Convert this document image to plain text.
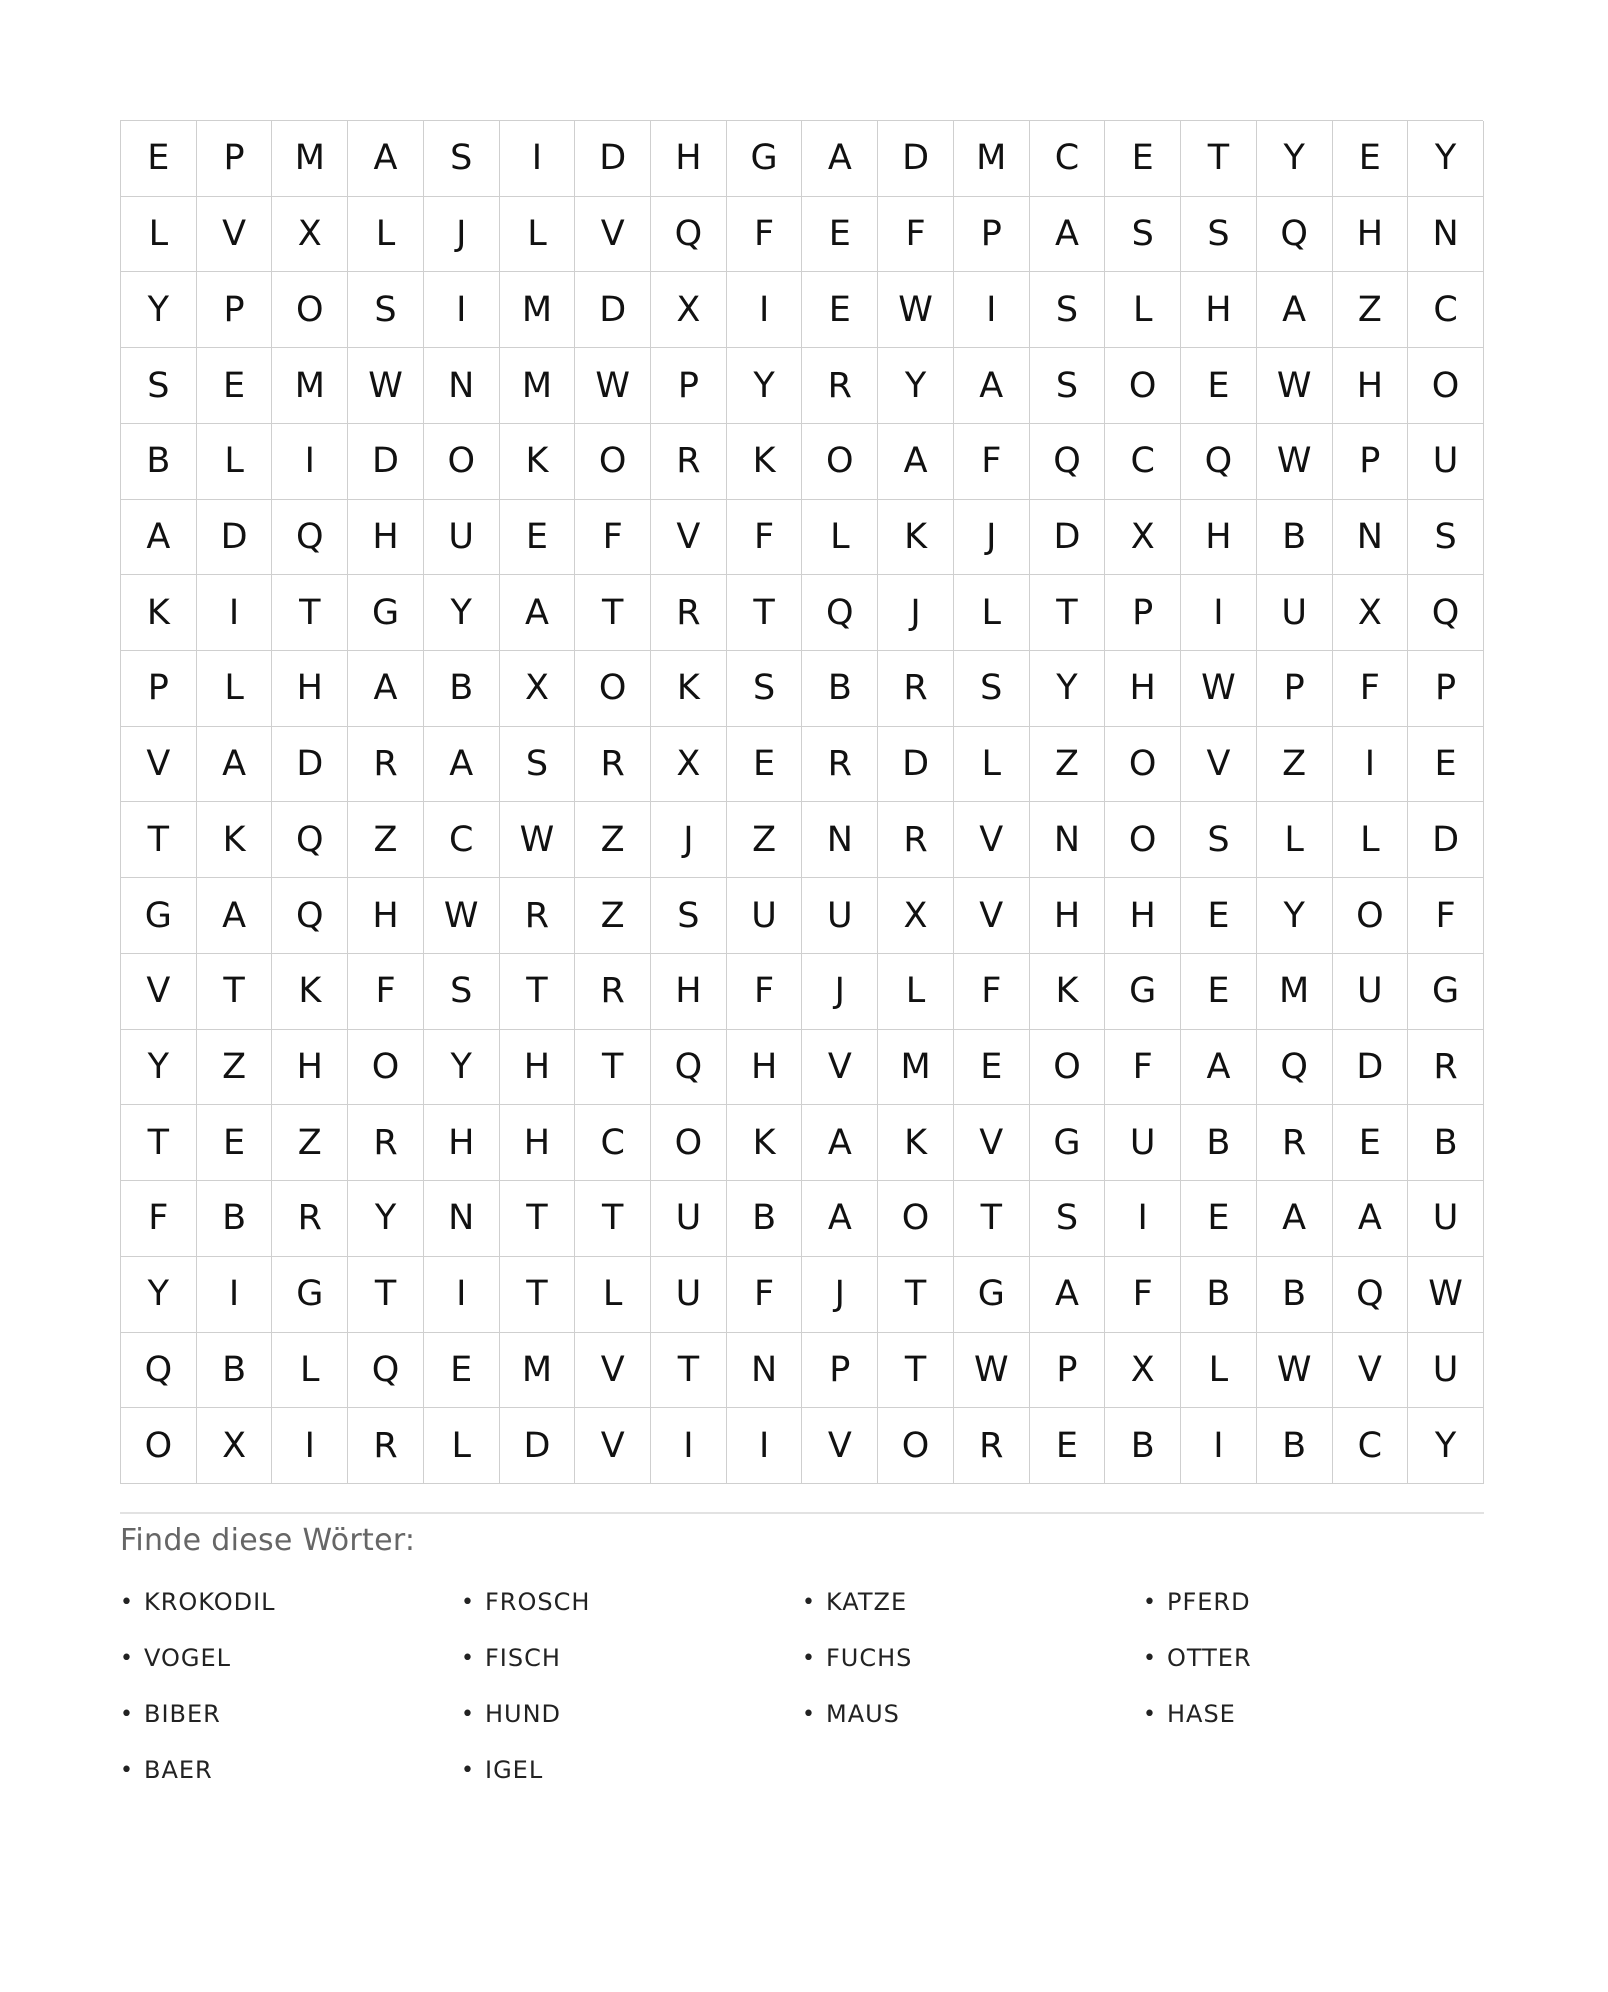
E	P	M	A	S	I	D	H	G	A	D	M	C	E	T	Y	E	Y
L	V	X	L	J	L	V	Q	F	E	F	P	A	S	S	Q	H	N
Y	P	O	S	I	M	D	X	I	E	W	I	S	L	H	A	Z	C
S	E	M	W	N	M	W	P	Y	R	Y	A	S	O	E	W	H	O
B	L	I	D	O	K	O	R	K	O	A	F	Q	C	Q	W	P	U
A	D	Q	H	U	E	F	V	F	L	K	J	D	X	H	B	N	S
K	I	T	G	Y	A	T	R	T	Q	J	L	T	P	I	U	X	Q
P	L	H	A	B	X	O	K	S	B	R	S	Y	H	W	P	F	P
V	A	D	R	A	S	R	X	E	R	D	L	Z	O	V	Z	I	E
T	K	Q	Z	C	W	Z	J	Z	N	R	V	N	O	S	L	L	D
G	A	Q	H	W	R	Z	S	U	U	X	V	H	H	E	Y	O	F
V	T	K	F	S	T	R	H	F	J	L	F	K	G	E	M	U	G
Y	Z	H	O	Y	H	T	Q	H	V	M	E	O	F	A	Q	D	R
T	E	Z	R	H	H	C	O	K	A	K	V	G	U	B	R	E	B
F	B	R	Y	N	T	T	U	B	A	O	T	S	I	E	A	A	U
Y	I	G	T	I	T	L	U	F	J	T	G	A	F	B	B	Q	W
Q	B	L	Q	E	M	V	T	N	P	T	W	P	X	L	W	V	U
O	X	I	R	L	D	V	I	I	V	O	R	E	B	I	B	C	Y
Finde diese Wörter:
• KROKODIL	• FROSCH	• KATZE	• PFERD
• VOGEL	• FISCH	• FUCHS	• OTTER
• BIBER	• HUND	• MAUS	• HASE
• BAER	• IGEL
